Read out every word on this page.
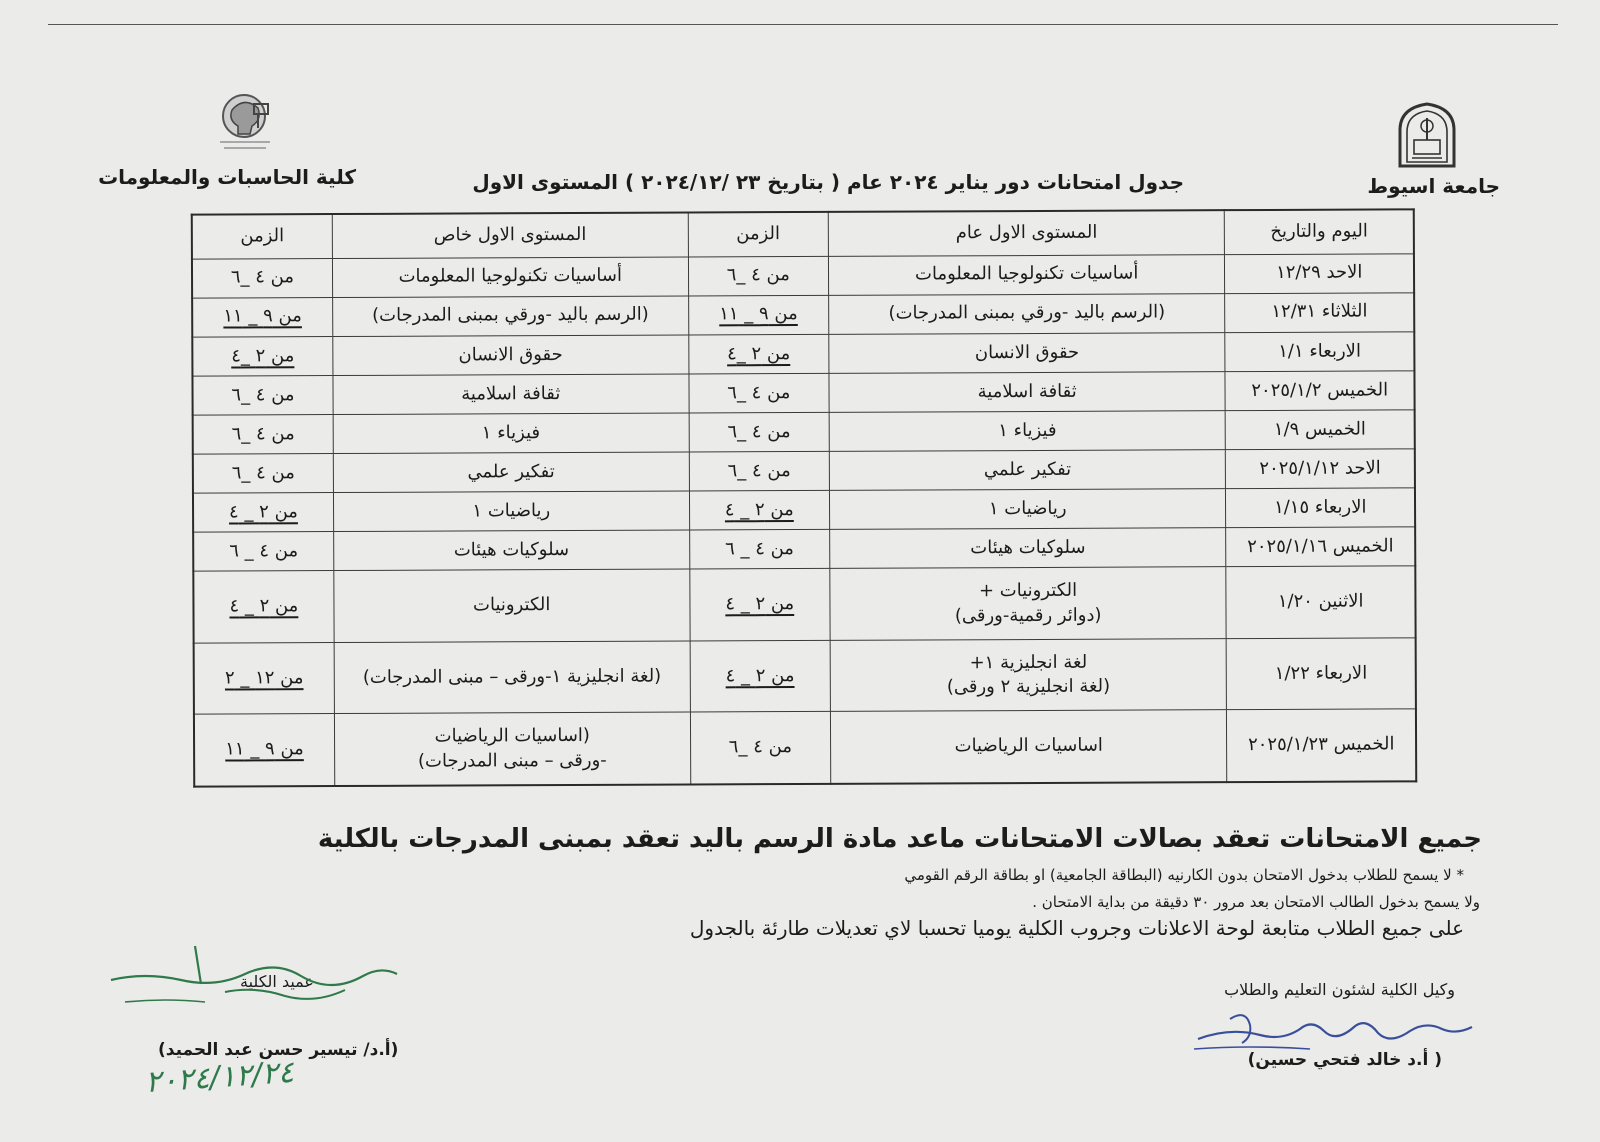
جامعة اسيوط
جدول امتحانات دور يناير ٢٠٢٤ عام ( بتاريخ ٢٣ /٢٠٢٤/١٢ ) المستوى الاول
كلية الحاسبات والمعلومات
اليوم والتاريخ	المستوى الاول عام	الزمن	المستوى الاول خاص	الزمن
الاحد ١٢/٢٩	أساسيات تكنولوجيا المعلومات	من ٤ _٦	أساسيات تكنولوجيا المعلومات	من ٤ _٦
الثلاثاء ١٢/٣١	(الرسم باليد -ورقي بمبنى المدرجات)	من ٩ _ ١١	(الرسم باليد -ورقي بمبنى المدرجات)	من ٩ _ ١١
الاربعاء ١/١	حقوق الانسان	من ٢ _٤	حقوق الانسان	من ٢ _٤
الخميس ٢٠٢٥/١/٢	ثقافة اسلامية	من ٤ _٦	ثقافة اسلامية	من ٤ _٦
الخميس ١/٩	فيزياء ١	من ٤ _٦	فيزياء ١	من ٤ _٦
الاحد ٢٠٢٥/١/١٢	تفكير علمي	من ٤ _٦	تفكير علمي	من ٤ _٦
الاربعاء ١/١٥	رياضيات ١	من ٢ _ ٤	رياضيات ١	من ٢ _ ٤
الخميس ٢٠٢٥/١/١٦	سلوكيات هيئات	من ٤ _ ٦	سلوكيات هيئات	من ٤ _ ٦
الاثنين ١/٢٠	الكترونيات +
(دوائر رقمية-ورقى)	من ٢ _ ٤	الكترونيات	من ٢ _ ٤
الاربعاء ١/٢٢	لغة انجليزية ١+
(لغة انجليزية ٢ ورقى)	من ٢ _ ٤	(لغة انجليزية ١-ورقى – مبنى المدرجات)	من ١٢ _ ٢
الخميس ٢٠٢٥/١/٢٣	اساسيات الرياضيات	من ٤ _٦	(اساسيات الرياضيات
-ورقى – مبنى المدرجات)	من ٩ _ ١١
جميع الامتحانات تعقد بصالات الامتحانات ماعد مادة الرسم باليد تعقد بمبنى المدرجات بالكلية
* لا يسمح للطلاب بدخول الامتحان بدون الكارنيه (البطاقة الجامعية) او بطاقة الرقم القومي
ولا يسمح بدخول الطالب الامتحان بعد مرور ٣٠ دقيقة من بداية الامتحان .
على جميع الطلاب متابعة لوحة الاعلانات وجروب الكلية يوميا تحسبا لاي تعديلات طارئة بالجدول
وكيل الكلية لشئون التعليم والطلاب
( أ.د خالد فتحي حسين)
عميد الكلية
(أ.د/ تيسير حسن عبد الحميد)
٢٠٢٤/١٢/٢٤
